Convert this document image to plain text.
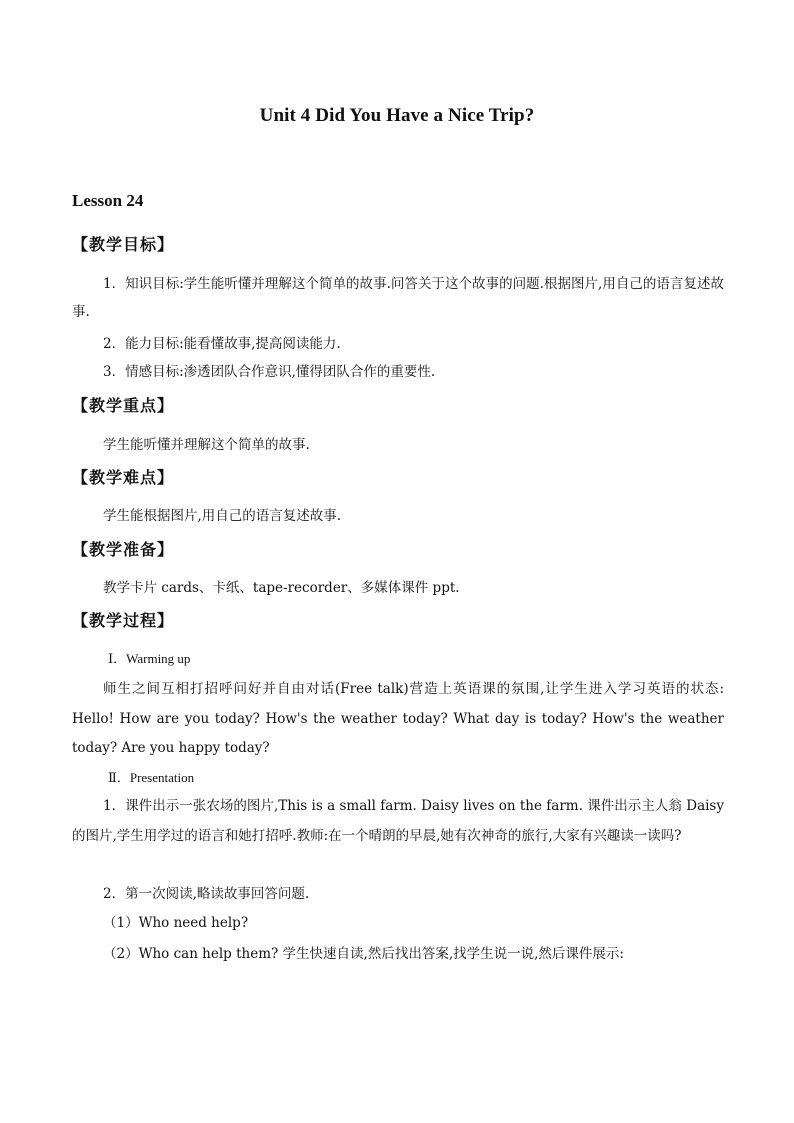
Unit 4 Did You Have a Nice Trip?
Lesson 24
【教学目标】
1．知识目标:学生能听懂并理解这个简单的故事.问答关于这个故事的问题.根据图片,用自己的语言复述故事.
2．能力目标:能看懂故事,提高阅读能力.
3．情感目标:渗透团队合作意识,懂得团队合作的重要性.
【教学重点】
学生能听懂并理解这个简单的故事.
【教学难点】
学生能根据图片,用自己的语言复述故事.
【教学准备】
教学卡片 cards、卡纸、tape-recorder、多媒体课件 ppt.
【教学过程】
Ⅰ．Warming up
师生之间互相打招呼问好并自由对话(Free talk)营造上英语课的氛围,让学生进入学习英语的状态: Hello! How are you today? How's the weather today? What day is today? How's the weather today? Are you happy today?
Ⅱ．Presentation
1．课件出示一张农场的图片,This is a small farm. Daisy lives on the farm. 课件出示主人翁 Daisy 的图片,学生用学过的语言和她打招呼.教师:在一个晴朗的早晨,她有次神奇的旅行,大家有兴趣读一读吗?
2．第一次阅读,略读故事回答问题.
（1）Who need help?
（2）Who can help them? 学生快速自读,然后找出答案,找学生说一说,然后课件展示:
